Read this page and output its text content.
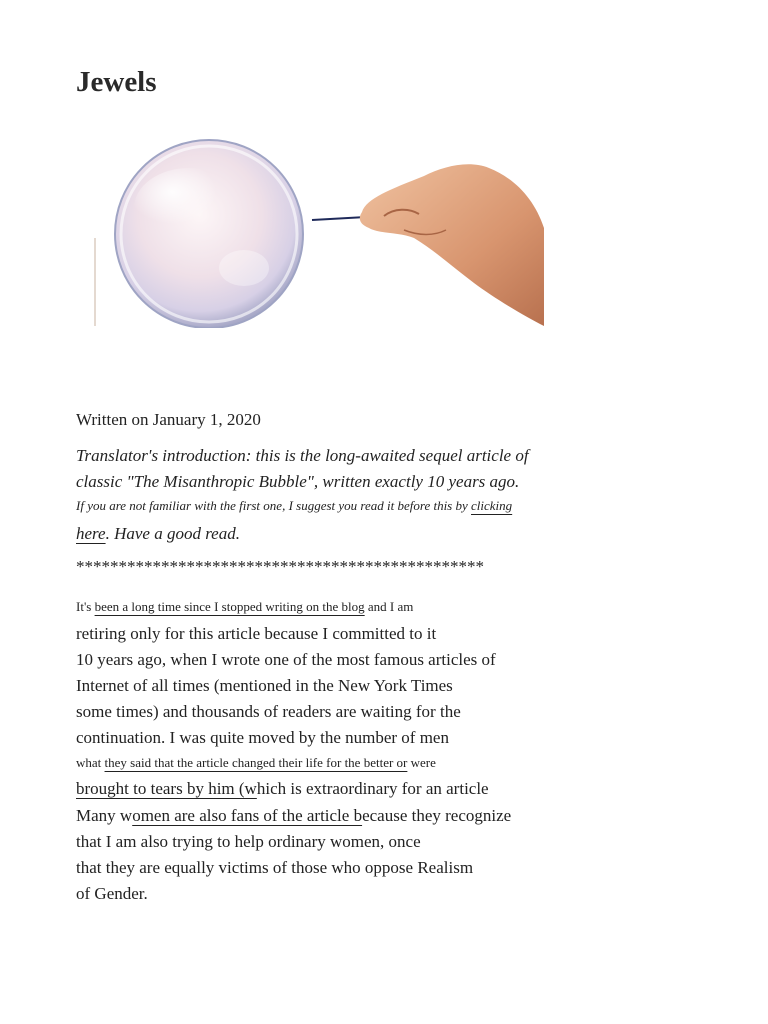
Jewels

Written on January 1, 2020

Translator's introduction: this is the long-awaited sequel article of

classic "The Misanthropic Bubble", written exactly 10 years ago.

If you are not familiar with the first one, I suggest you read it before this by clicking

here. Have a good read.

************************************************

It's been a long time since I stopped writing on the blog and I am

retiring only for this article because I committed to it

10 years ago, when I wrote one of the most famous articles of

Internet of all times (mentioned in the New York Times

some times) and thousands of readers are waiting for the

continuation. I was quite moved by the number of men

what they said that the article changed their life for the better or were

brought to tears by him (which is extraordinary for an article

Many women are also fans of the article because they recognize

that I am also trying to help ordinary women, once

that they are equally victims of those who oppose Realism

of Gender.
